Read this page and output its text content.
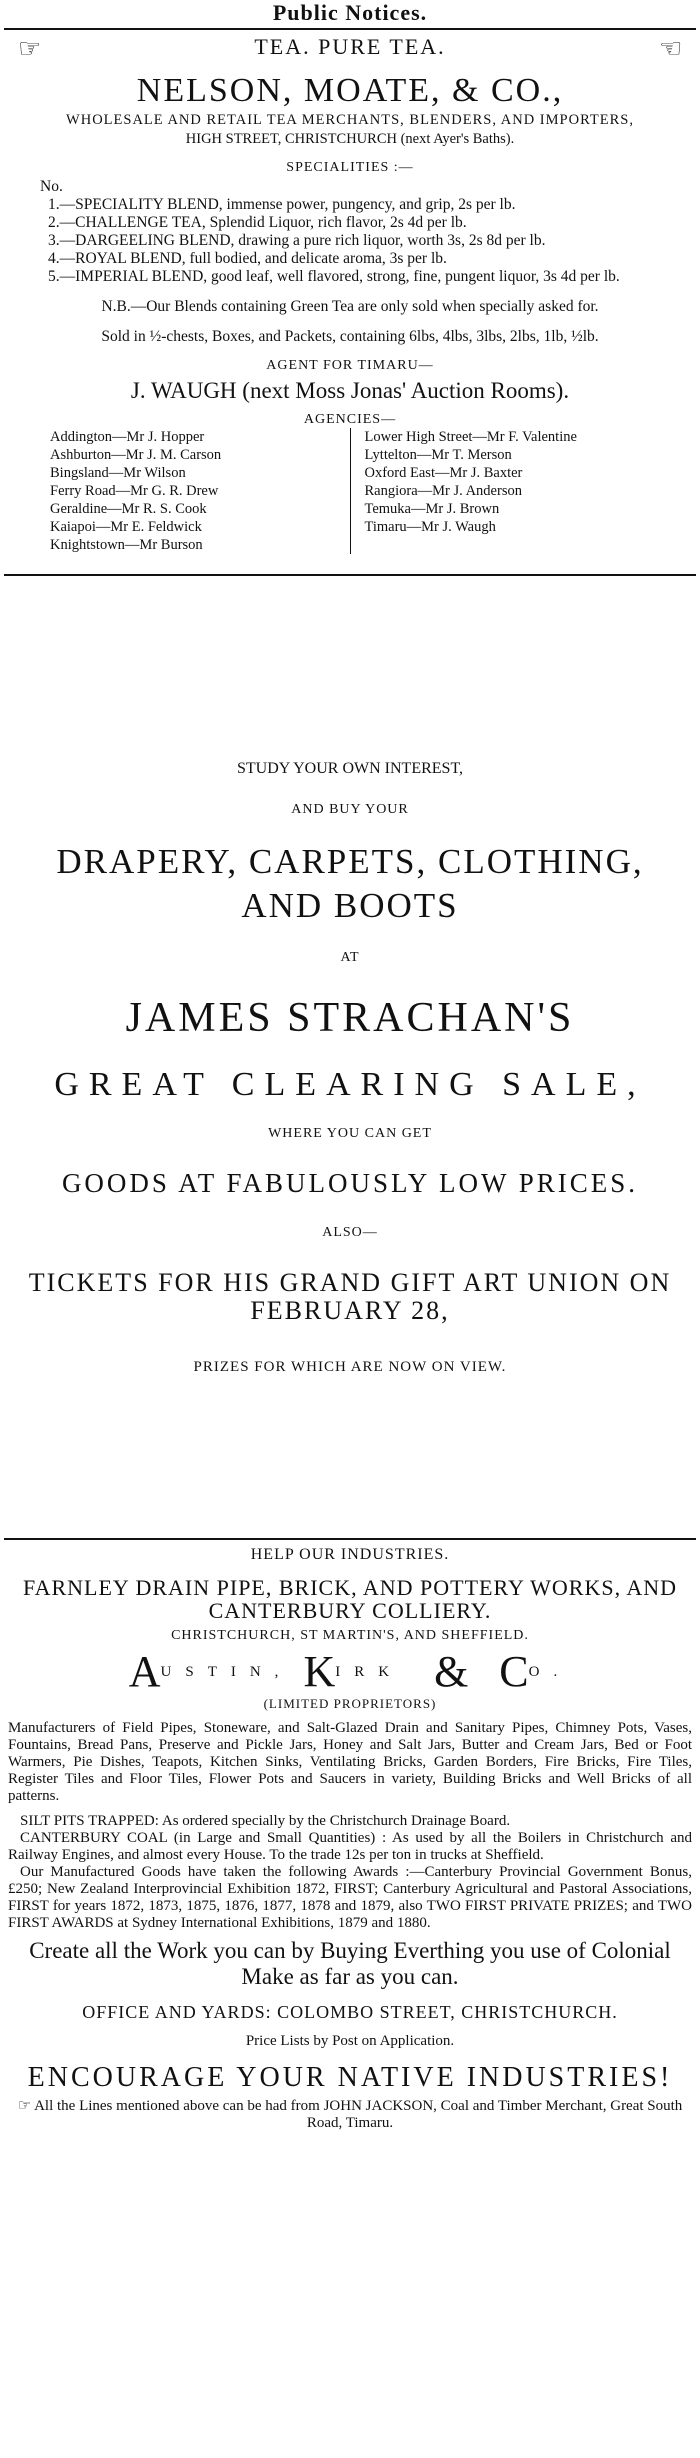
Public Notices.
☞	TEA. PURE TEA.	☞
NELSON, MOATE, & CO.,
WHOLESALE AND RETAIL TEA MERCHANTS, BLENDERS, AND IMPORTERS,
HIGH STREET, CHRISTCHURCH (next Ayer's Baths).
SPECIALITIES :—
No.
1.—SPECIALITY BLEND, immense power, pungency, and grip, 2s per lb.
2.—CHALLENGE TEA, Splendid Liquor, rich flavor, 2s 4d per lb.
3.—DARGEELING BLEND, drawing a pure rich liquor, worth 3s, 2s 8d per lb.
4.—ROYAL BLEND, full bodied, and delicate aroma, 3s per lb.
5.—IMPERIAL BLEND, good leaf, well flavored, strong, fine, pungent liquor, 3s 4d per lb.
N.B.—Our Blends containing Green Tea are only sold when specially asked for.
Sold in ½-chests, Boxes, and Packets, containing 6lbs, 4lbs, 3lbs, 2lbs, 1lb, ½lb.
AGENT FOR TIMARU—
J. WAUGH (next Moss Jonas' Auction Rooms).
AGENCIES—
Addington—Mr J. Hopper
Ashburton—Mr J. M. Carson
Bingsland—Mr Wilson
Ferry Road—Mr G. R. Drew
Geraldine—Mr R. S. Cook
Kaiapoi—Mr E. Feldwick
Knightstown—Mr Burson
Lower High Street—Mr F. Valentine
Lyttelton—Mr T. Merson
Oxford East—Mr J. Baxter
Rangiora—Mr J. Anderson
Temuka—Mr J. Brown
Timaru—Mr J. Waugh
STUDY YOUR OWN INTEREST,
AND BUY YOUR
DRAPERY, CARPETS, CLOTHING,
AND BOOTS
AT
JAMES STRACHAN'S
GREAT CLEARING SALE,
WHERE YOU CAN GET
GOODS AT FABULOUSLY LOW PRICES.
ALSO—
TICKETS FOR HIS GRAND GIFT ART UNION ON FEBRUARY 28,
PRIZES FOR WHICH ARE NOW ON VIEW.
HELP OUR INDUSTRIES.
FARNLEY DRAIN PIPE, BRICK, AND POTTERY WORKS, AND CANTERBURY COLLIERY.
CHRISTCHURCH, ST MARTIN'S, AND SHEFFIELD.
$A^{USTIN,}$ $K^{IRK}$ & $C^{O.}$
(LIMITED PROPRIETORS)
Manufacturers of Field Pipes, Stoneware, and Salt-Glazed Drain and Sanitary Pipes, Chimney Pots, Vases, Fountains, Bread Pans, Preserve and Pickle Jars, Honey and Salt Jars, Butter and Cream Jars, Bed or Foot Warmers, Pie Dishes, Teapots, Kitchen Sinks, Ventilating Bricks, Garden Borders, Fire Bricks, Fire Tiles, Register Tiles and Floor Tiles, Flower Pots and Saucers in variety, Building Bricks and Well Bricks of all patterns.
SILT PITS TRAPPED: As ordered specially by the Christchurch Drainage Board.
CANTERBURY COAL (in Large and Small Quantities) : As used by all the Boilers in Christchurch and Railway Engines, and almost every House. To the trade 12s per ton in trucks at Sheffield.
Our Manufactured Goods have taken the following Awards :—Canterbury Provincial Government Bonus, £250; New Zealand Interprovincial Exhibition 1872, FIRST; Canterbury Agricultural and Pastoral Associations, FIRST for years 1872, 1873, 1875, 1876, 1877, 1878 and 1879, also TWO FIRST PRIVATE PRIZES; and TWO FIRST AWARDS at Sydney International Exhibitions, 1879 and 1880.
Create all the Work you can by Buying Everthing you use of Colonial Make as far as you can.
OFFICE AND YARDS: COLOMBO STREET, CHRISTCHURCH.
Price Lists by Post on Application.
ENCOURAGE YOUR NATIVE INDUSTRIES!
☞ All the Lines mentioned above can be had from JOHN JACKSON, Coal and Timber Merchant, Great South Road, Timaru.
